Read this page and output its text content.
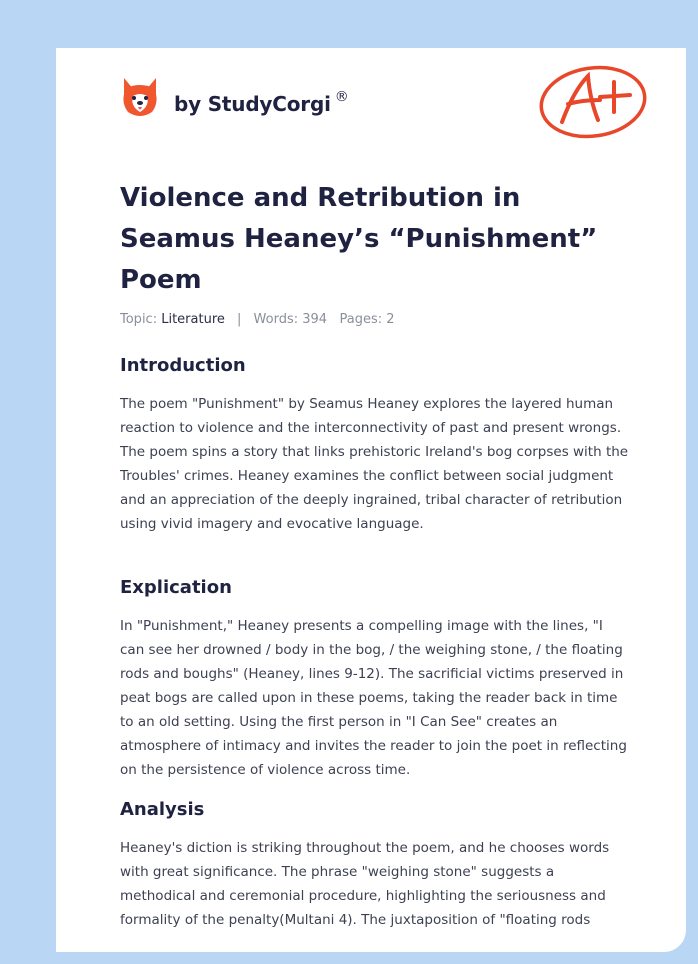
by StudyCorgi ®
A+
Violence and Retribution in Seamus Heaney’s “Punishment” Poem
Topic: Literature | Words: 394 Pages: 2
Introduction

The poem "Punishment" by Seamus Heaney explores the layered human reaction to violence and the interconnectivity of past and present wrongs. The poem spins a story that links prehistoric Ireland's bog corpses with the Troubles' crimes. Heaney examines the conflict between social judgment and an appreciation of the deeply ingrained, tribal character of retribution using vivid imagery and evocative language.

Explication

In "Punishment," Heaney presents a compelling image with the lines, "I can see her drowned / body in the bog, / the weighing stone, / the floating rods and boughs" (Heaney, lines 9-12). The sacrificial victims preserved in peat bogs are called upon in these poems, taking the reader back in time to an old setting. Using the first person in "I Can See" creates an atmosphere of intimacy and invites the reader to join the poet in reflecting on the persistence of violence across time.

Analysis

Heaney's diction is striking throughout the poem, and he chooses words with great significance. The phrase "weighing stone" suggests a methodical and ceremonial procedure, highlighting the seriousness and formality of the penalty(Multani 4). The juxtaposition of "floating rods
